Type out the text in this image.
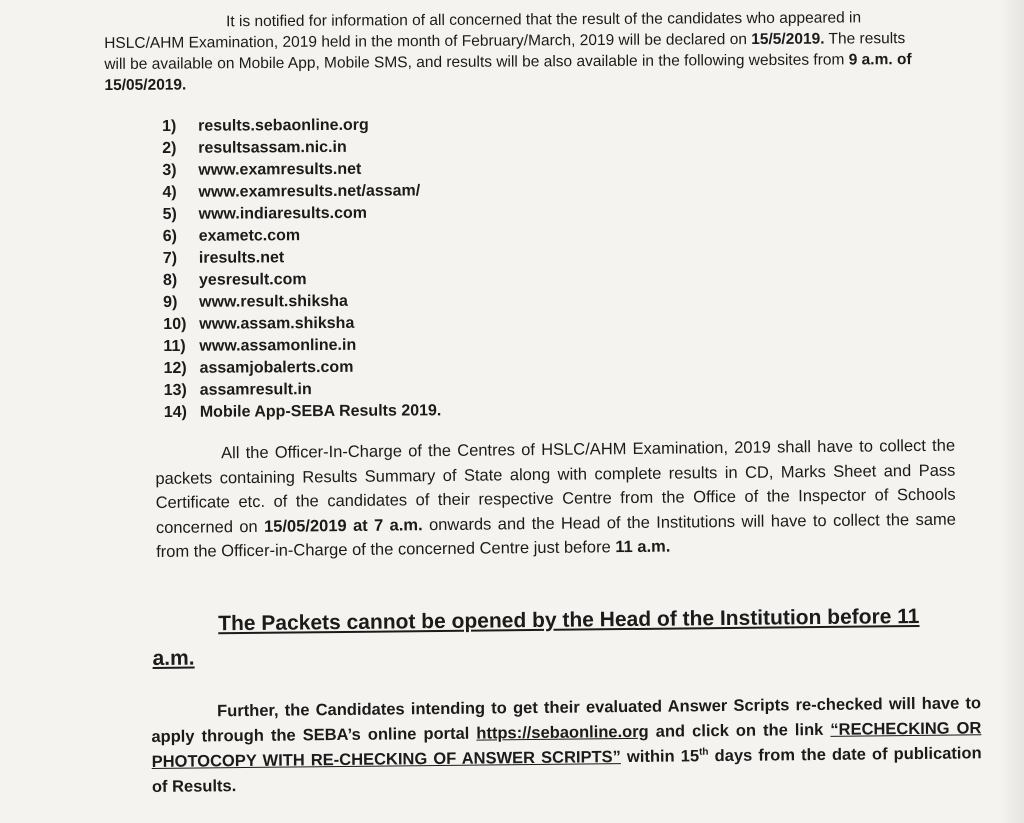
It is notified for information of all concerned that the result of the candidates who appeared in HSLC/AHM Examination, 2019 held in the month of February/March, 2019 will be declared on 15/5/2019. The results will be available on Mobile App, Mobile SMS, and results will be also available in the following websites from 9 a.m. of 15/05/2019.

1) results.sebaonline.org
2) resultsassam.nic.in
3) www.examresults.net
4) www.examresults.net/assam/
5) www.indiaresults.com
6) exametc.com
7) iresults.net
8) yesresult.com
9) www.result.shiksha
10) www.assam.shiksha
11) www.assamonline.in
12) assamjobalerts.com
13) assamresult.in
14) Mobile App-SEBA Results 2019.

All the Officer-In-Charge of the Centres of HSLC/AHM Examination, 2019 shall have to collect the packets containing Results Summary of State along with complete results in CD, Marks Sheet and Pass Certificate etc. of the candidates of their respective Centre from the Office of the Inspector of Schools concerned on 15/05/2019 at 7 a.m. onwards and the Head of the Institutions will have to collect the same from the Officer-in-Charge of the concerned Centre just before 11 a.m.

The Packets cannot be opened by the Head of the Institution before 11 a.m.

Further, the Candidates intending to get their evaluated Answer Scripts re-checked will have to apply through the SEBA’s online portal https://sebaonline.org and click on the link “RECHECKING OR PHOTOCOPY WITH RE-CHECKING OF ANSWER SCRIPTS” within 15th days from the date of publication of Results.
